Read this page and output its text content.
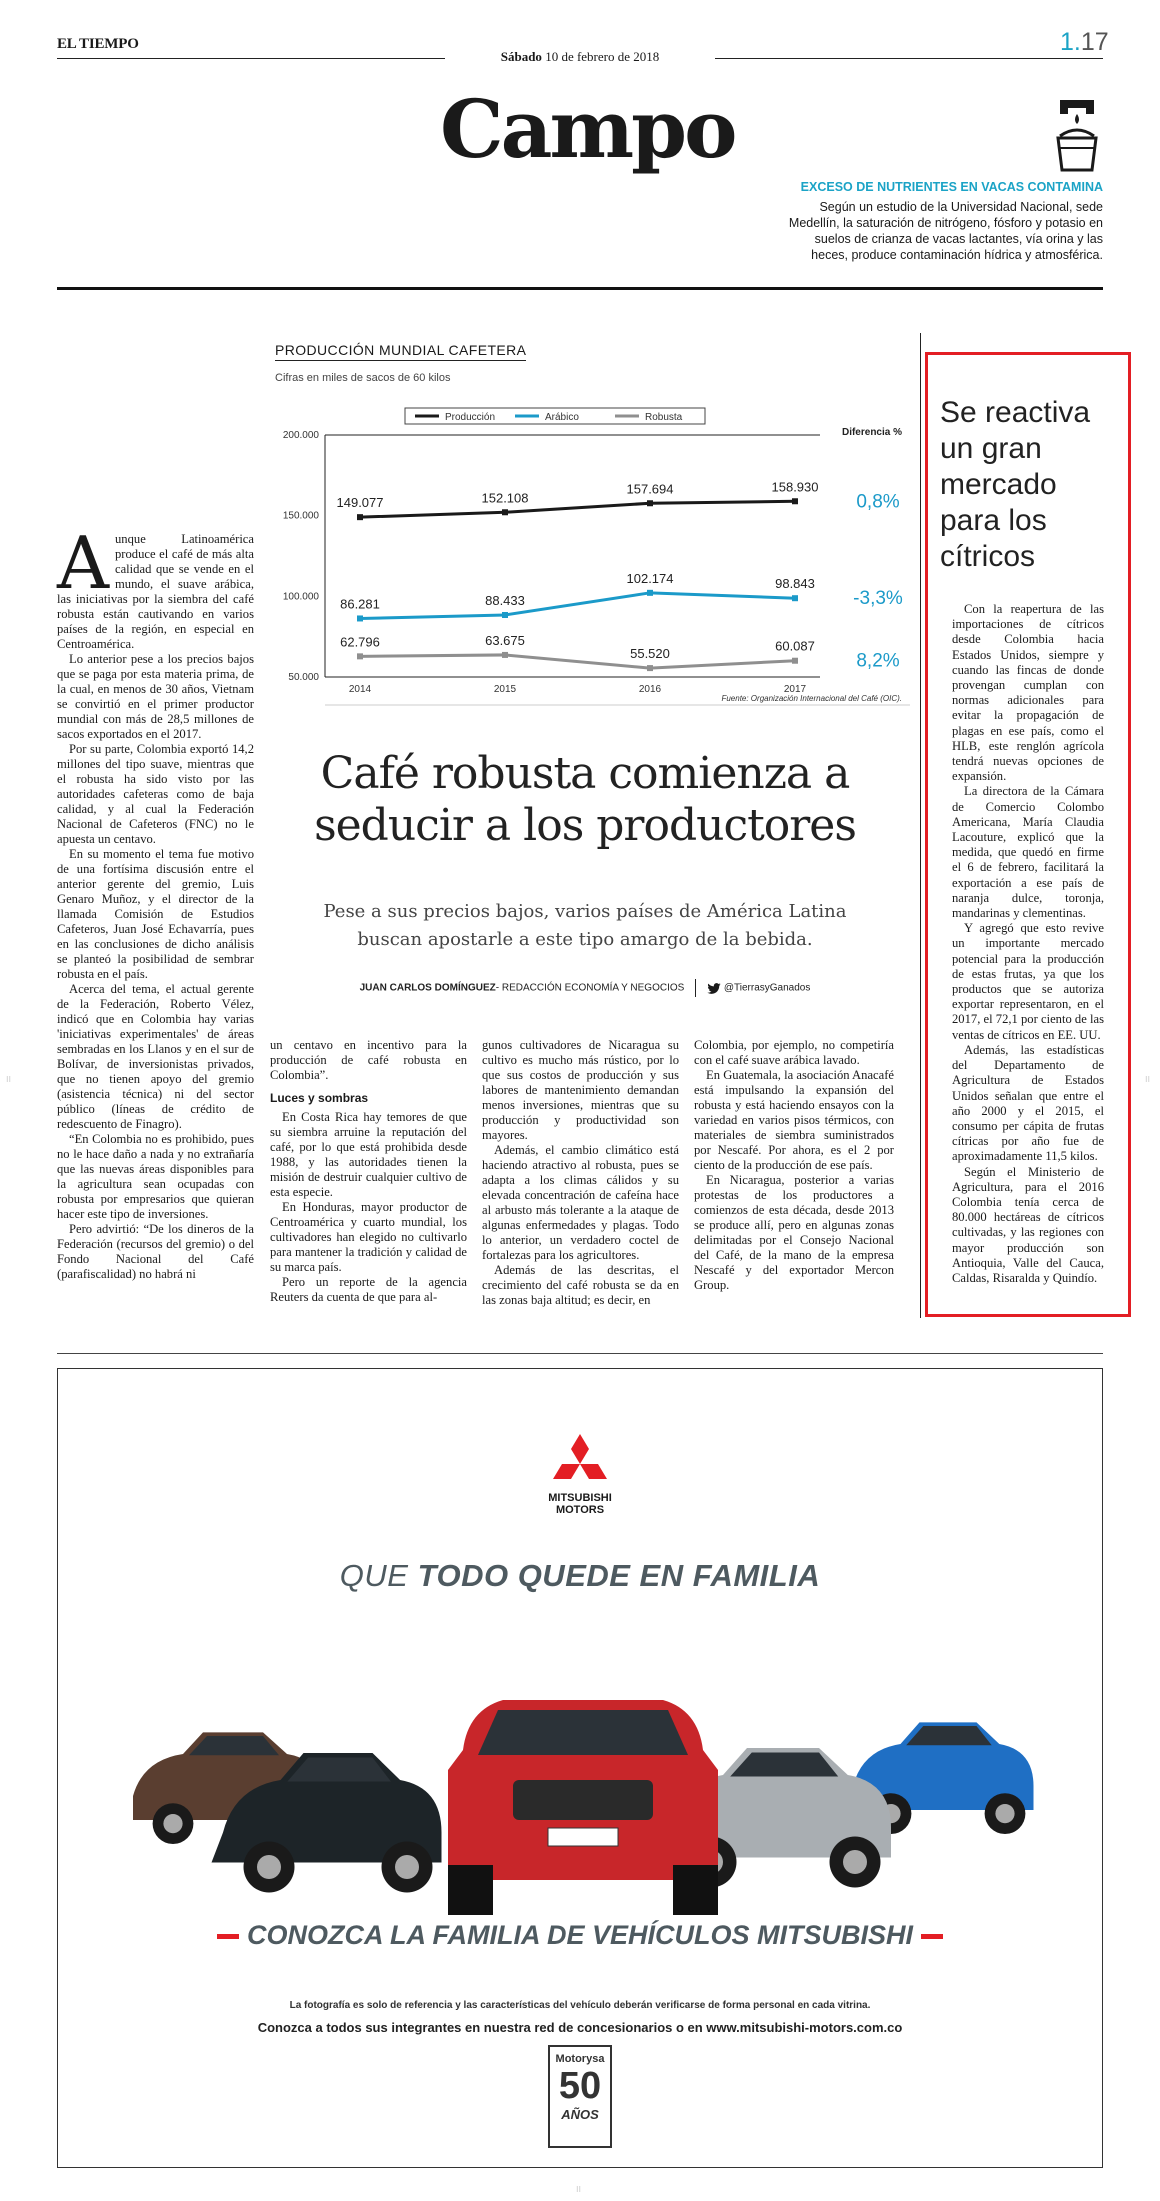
EL TIEMPO
Sábado 10 de febrero de 2018
1.17
Campo
EXCESO DE NUTRIENTES EN VACAS CONTAMINA
Según un estudio de la Universidad Nacional, sede Medellín, la saturación de nitrógeno, fósforo y potasio en suelos de crianza de vacas lactantes, vía orina y las heces, produce contaminación hídrica y atmosférica.
PRODUCCIÓN MUNDIAL CAFETERA
Cifras en miles de sacos de 60 kilos
200.000
150.000
100.000
50.000
2014	2015	2016	2017
Producción	Arábico	Robusta
Diferencia %
149.077	152.108
157.694	158.930
0,8%
86.281	88.433
102.174	98.843
-3,3%
62.796	63.675
55.520	60.087
8,2%
Fuente: Organización Internacional del Café (OIC).
Café robusta comienza a
seducir a los productores
Pese a sus precios bajos, varios países de América Latina
buscan apostarle a este tipo amargo de la bebida.
JUAN CARLOS DOMÍNGUEZ- REDACCIÓN ECONOMÍA Y NEGOCIOS	@TierrasyGanados
A unque Latinoamérica produce el café de más alta calidad que se vende en el mundo, el suave arábica, las iniciativas por la siembra del café robusta están cautivando en varios países de la región, en especial en Centroamérica.

Lo anterior pese a los precios bajos que se paga por esta materia prima, de la cual, en menos de 30 años, Vietnam se convirtió en el primer productor mundial con más de 28,5 millones de sacos exportados en el 2017.

Por su parte, Colombia exportó 14,2 millones del tipo suave, mientras que el robusta ha sido visto por las autoridades cafeteras como de baja calidad, y al cual la Federación Nacional de Cafeteros (FNC) no le apuesta un centavo.

En su momento el tema fue motivo de una fortísima discusión entre el anterior gerente del gremio, Luis Genaro Muñoz, y el director de la llamada Comisión de Estudios Cafeteros, Juan José Echavarría, pues en las conclusiones de dicho análisis se planteó la posibilidad de sembrar robusta en el país.

Acerca del tema, el actual gerente de la Federación, Roberto Vélez, indicó que en Colombia hay varias 'iniciativas experimentales' de áreas sembradas en los Llanos y en el sur de Bolívar, de inversionistas privados, que no tienen apoyo del gremio (asistencia técnica) ni del sector público (líneas de crédito de redescuento de Finagro).

“En Colombia no es prohibido, pues no le hace daño a nada y no extrañaría que las nuevas áreas disponibles para la agricultura sean ocupadas con robusta por empresarios que quieran hacer este tipo de inversiones.

Pero advirtió: “De los dineros de la Federación (recursos del gremio) o del Fondo Nacional del Café (parafiscalidad) no habrá ni

un centavo en incentivo para la producción de café robusta en Colombia”.

Luces y sombras

En Costa Rica hay temores de que su siembra arruine la reputación del café, por lo que está prohibida desde 1988, y las autoridades tienen la misión de destruir cualquier cultivo de esta especie.

En Honduras, mayor productor de Centroamérica y cuarto mundial, los cultivadores han elegido no cultivarlo para mantener la tradición y calidad de su marca país.

Pero un reporte de la agencia Reuters da cuenta de que para al-

gunos cultivadores de Nicaragua su cultivo es mucho más rústico, por lo que sus costos de producción y sus labores de mantenimiento demandan menos inversiones, mientras que su producción y productividad son mayores.

Además, el cambio climático está haciendo atractivo al robusta, pues se adapta a los climas cálidos y su elevada concentración de cafeína hace al arbusto más tolerante a la ataque de algunas enfermedades y plagas. Todo lo anterior, un verdadero coctel de fortalezas para los agricultores.

Además de las descritas, el crecimiento del café robusta se da en las zonas baja altitud; es decir, en

Colombia, por ejemplo, no competiría con el café suave arábica lavado.

En Guatemala, la asociación Anacafé está impulsando la expansión del robusta y está haciendo ensayos con la variedad en varios pisos térmicos, con materiales de siembra suministrados por Nescafé. Por ahora, es el 2 por ciento de la producción de ese país.

En Nicaragua, posterior a varias protestas de los productores a comienzos de esta década, desde 2013 se produce allí, pero en algunas zonas delimitadas por el Consejo Nacional del Café, de la mano de la empresa Nescafé y del exportador Mercon Group.

Se reactiva un gran mercado para los cítricos

Con la reapertura de las importaciones de cítricos desde Colombia hacia Estados Unidos, siempre y cuando las fincas de donde provengan cumplan con normas adicionales para evitar la propagación de plagas en ese país, como el HLB, este renglón agrícola tendrá nuevas opciones de expansión.

La directora de la Cámara de Comercio Colombo Americana, María Claudia Lacouture, explicó que la medida, que quedó en firme el 6 de febrero, facilitará la exportación a ese país de naranja dulce, toronja, mandarinas y clementinas.

Y agregó que esto revive un importante mercado potencial para la producción de estas frutas, ya que los productos que se autoriza exportar representaron, en el 2017, el 72,1 por ciento de las ventas de cítricos en EE. UU.

Además, las estadísticas del Departamento de Agricultura de Estados Unidos señalan que entre el año 2000 y el 2015, el consumo per cápita de frutas cítricas por año fue de aproximadamente 11,5 kilos.

Según el Ministerio de Agricultura, para el 2016 Colombia tenía cerca de 80.000 hectáreas de cítricos cultivadas, y las regiones con mayor producción son Antioquia, Valle del Cauca, Caldas, Risaralda y Quindío.

MITSUBISHI
MOTORS
QUE TODO QUEDE EN FAMILIA
CONOZCA LA FAMILIA DE VEHÍCULOS MITSUBISHI
La fotografía es solo de referencia y las características del vehículo deberán verificarse de forma personal en cada vitrina.
Conozca a todos sus integrantes en nuestra red de concesionarios o en www.mitsubishi-motors.com.co
Motorysa
50
AÑOS
⁝⁝	⁝⁝
⁝⁝
